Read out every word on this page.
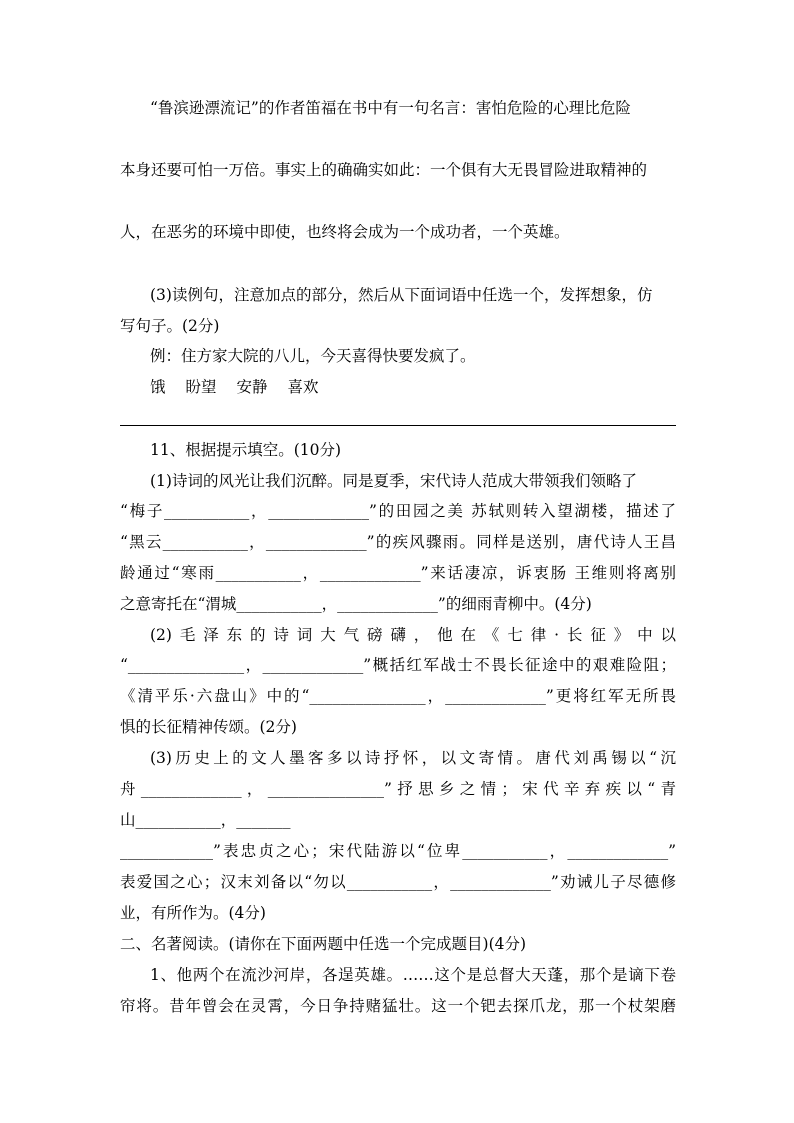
“鲁滨逊漂流记”的作者笛福在书中有一句名言：害怕危险的心理比危险
本身还要可怕一万倍。事实上的确确实如此：一个俱有大无畏冒险进取精神的
人，在恶劣的环境中即使，也终将会成为一个成功者，一个英雄。
(3)读例句，注意加点的部分，然后从下面词语中任选一个，发挥想象，仿
写句子。(2分)
例：住方家大院的八儿，今天喜得快要发疯了。
饿 盼望 安静 喜欢
11、根据提示填空。(10分)
(1)诗词的风光让我们沉醉。同是夏季，宋代诗人范成大带领我们领略了
“梅子___________，_____________”的田园之美 苏轼则转入望湖楼，描述了
“黑云___________，_____________”的疾风骤雨。同样是送别，唐代诗人王昌
龄通过“寒雨___________，_____________”来话凄凉，诉衷肠 王维则将离别
之意寄托在“渭城___________，_____________”的细雨青柳中。(4分)
(2)毛泽东的诗词大气磅礴，他在《七律·长征》中以
“_______________，_____________”概括红军战士不畏长征途中的艰难险阻；
《清平乐·六盘山》中的“_______________，_____________”更将红军无所畏
惧的长征精神传颂。(2分)
(3)历史上的文人墨客多以诗抒怀，以文寄情。唐代刘禹锡以“沉
舟_____________，_______________”抒思乡之情；宋代辛弃疾以“青
山___________，_______
____________”表忠贞之心；宋代陆游以“位卑___________，_____________”
表爱国之心；汉末刘备以“勿以___________，_____________”劝诫儿子尽德修
业，有所作为。(4分)
二、名著阅读。(请你在下面两题中任选一个完成题目)(4分)
1、他两个在流沙河岸，各逞英雄。……这个是总督大天蓬，那个是谪下卷
帘将。昔年曾会在灵霄，今日争持赌猛壮。这一个钯去探爪龙，那一个杖架磨
